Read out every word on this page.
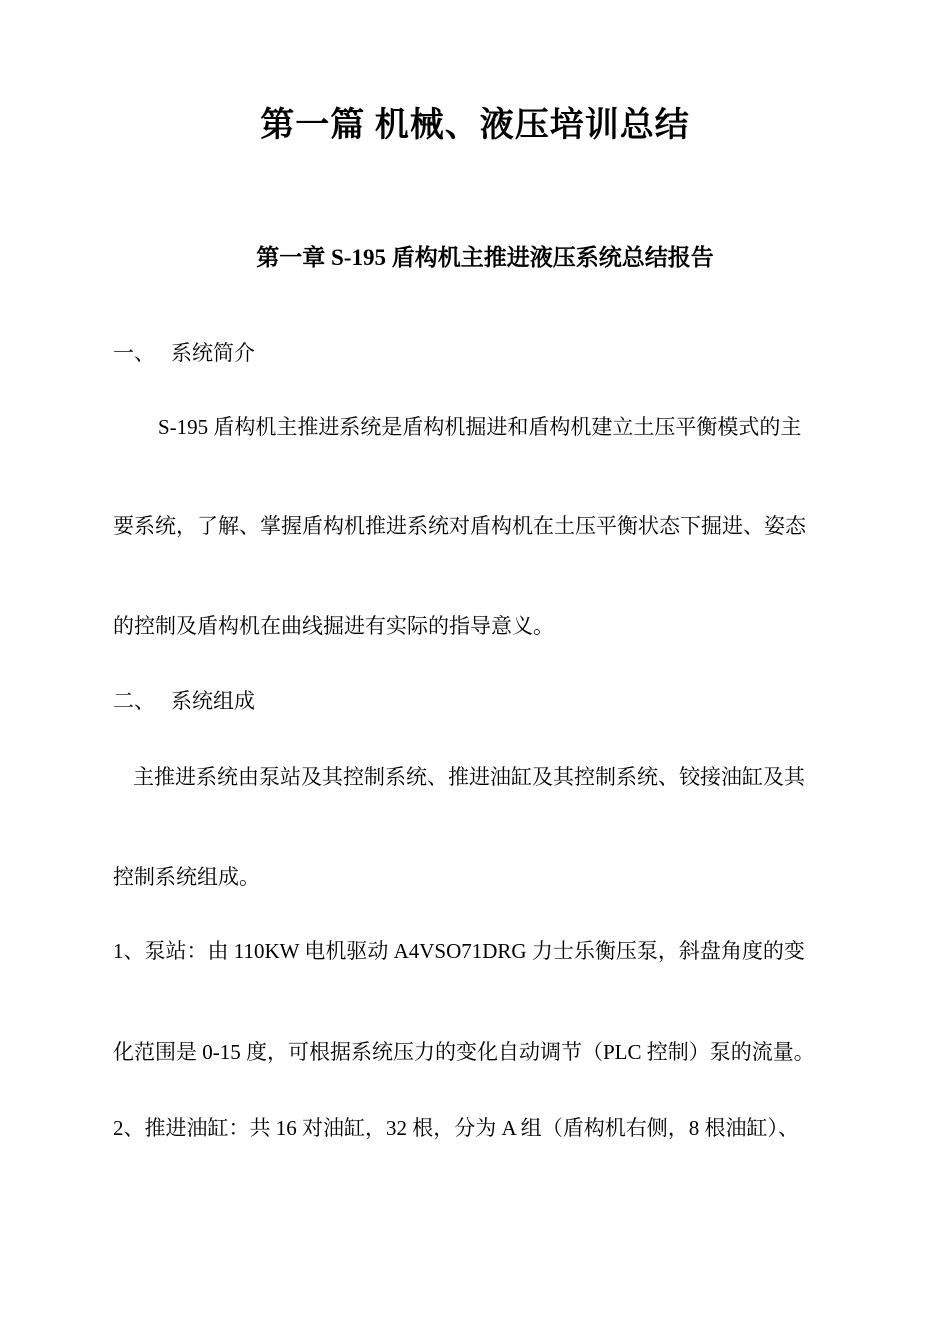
第一篇 机械、液压培训总结
第一章 S-195 盾构机主推进液压系统总结报告
一、 系统简介
S-195 盾构机主推进系统是盾构机掘进和盾构机建立土压平衡模式的主
要系统，了解、掌握盾构机推进系统对盾构机在土压平衡状态下掘进、姿态
的控制及盾构机在曲线掘进有实际的指导意义。
二、 系统组成
主推进系统由泵站及其控制系统、推进油缸及其控制系统、铰接油缸及其
控制系统组成。
1、泵站：由 110KW 电机驱动 A4VSO71DRG 力士乐衡压泵，斜盘角度的变
化范围是 0-15 度，可根据系统压力的变化自动调节（PLC 控制）泵的流量。
2、推进油缸：共 16 对油缸，32 根，分为 A 组（盾构机右侧，8 根油缸）、
